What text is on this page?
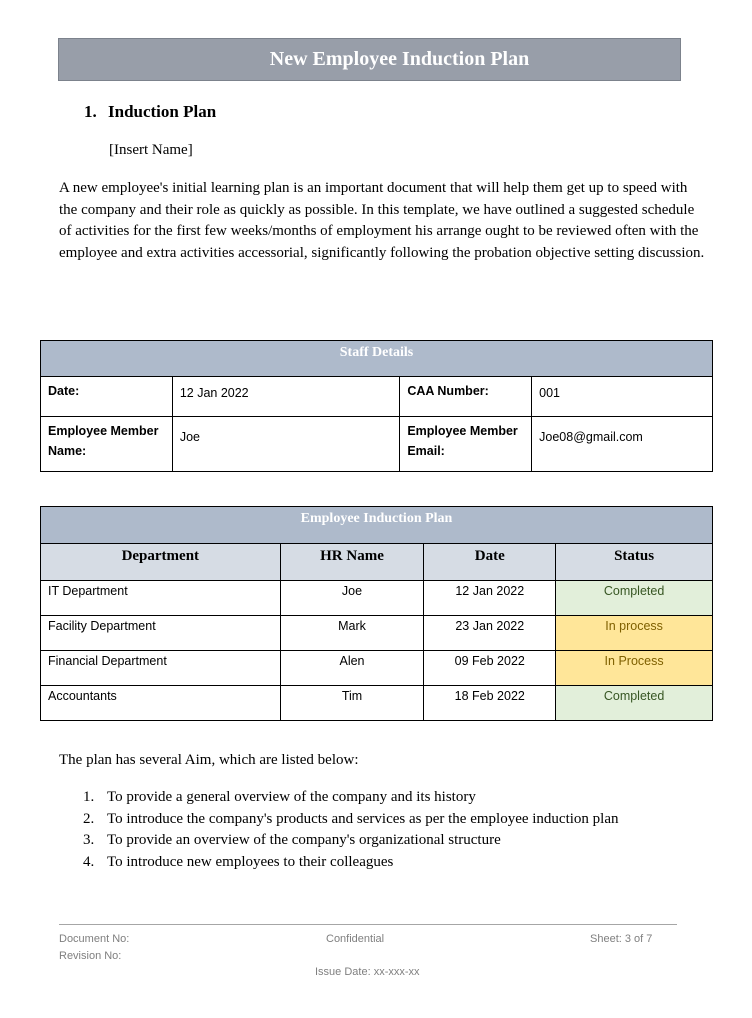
New Employee Induction Plan
1. Induction Plan
[Insert Name]
A new employee's initial learning plan is an important document that will help them get up to speed with the company and their role as quickly as possible. In this template, we have outlined a suggested schedule of activities for the first few weeks/months of employment his arrange ought to be reviewed often with the employee and extra activities accessorial, significantly following the probation objective setting discussion.
Staff Details			
Date:	12 Jan 2022	CAA Number:	001
Employee Member Name:	Joe	Employee Member Email:	Joe08@gmail.com
Employee Induction Plan			
Department	HR Name	Date	Status
IT Department	Joe	12 Jan 2022	Completed
Facility Department	Mark	23 Jan 2022	In process
Financial Department	Alen	09 Feb 2022	In Process
Accountants	Tim	18 Feb 2022	Completed
The plan has several Aim, which are listed below:
1. To provide a general overview of the company and its history
2. To introduce the company's products and services as per the employee induction plan
3. To provide an overview of the company's organizational structure
4. To introduce new employees to their colleagues
Document No:
Revision No:
Confidential	Sheet: 3 of 7
Issue Date: xx-xxx-xx
